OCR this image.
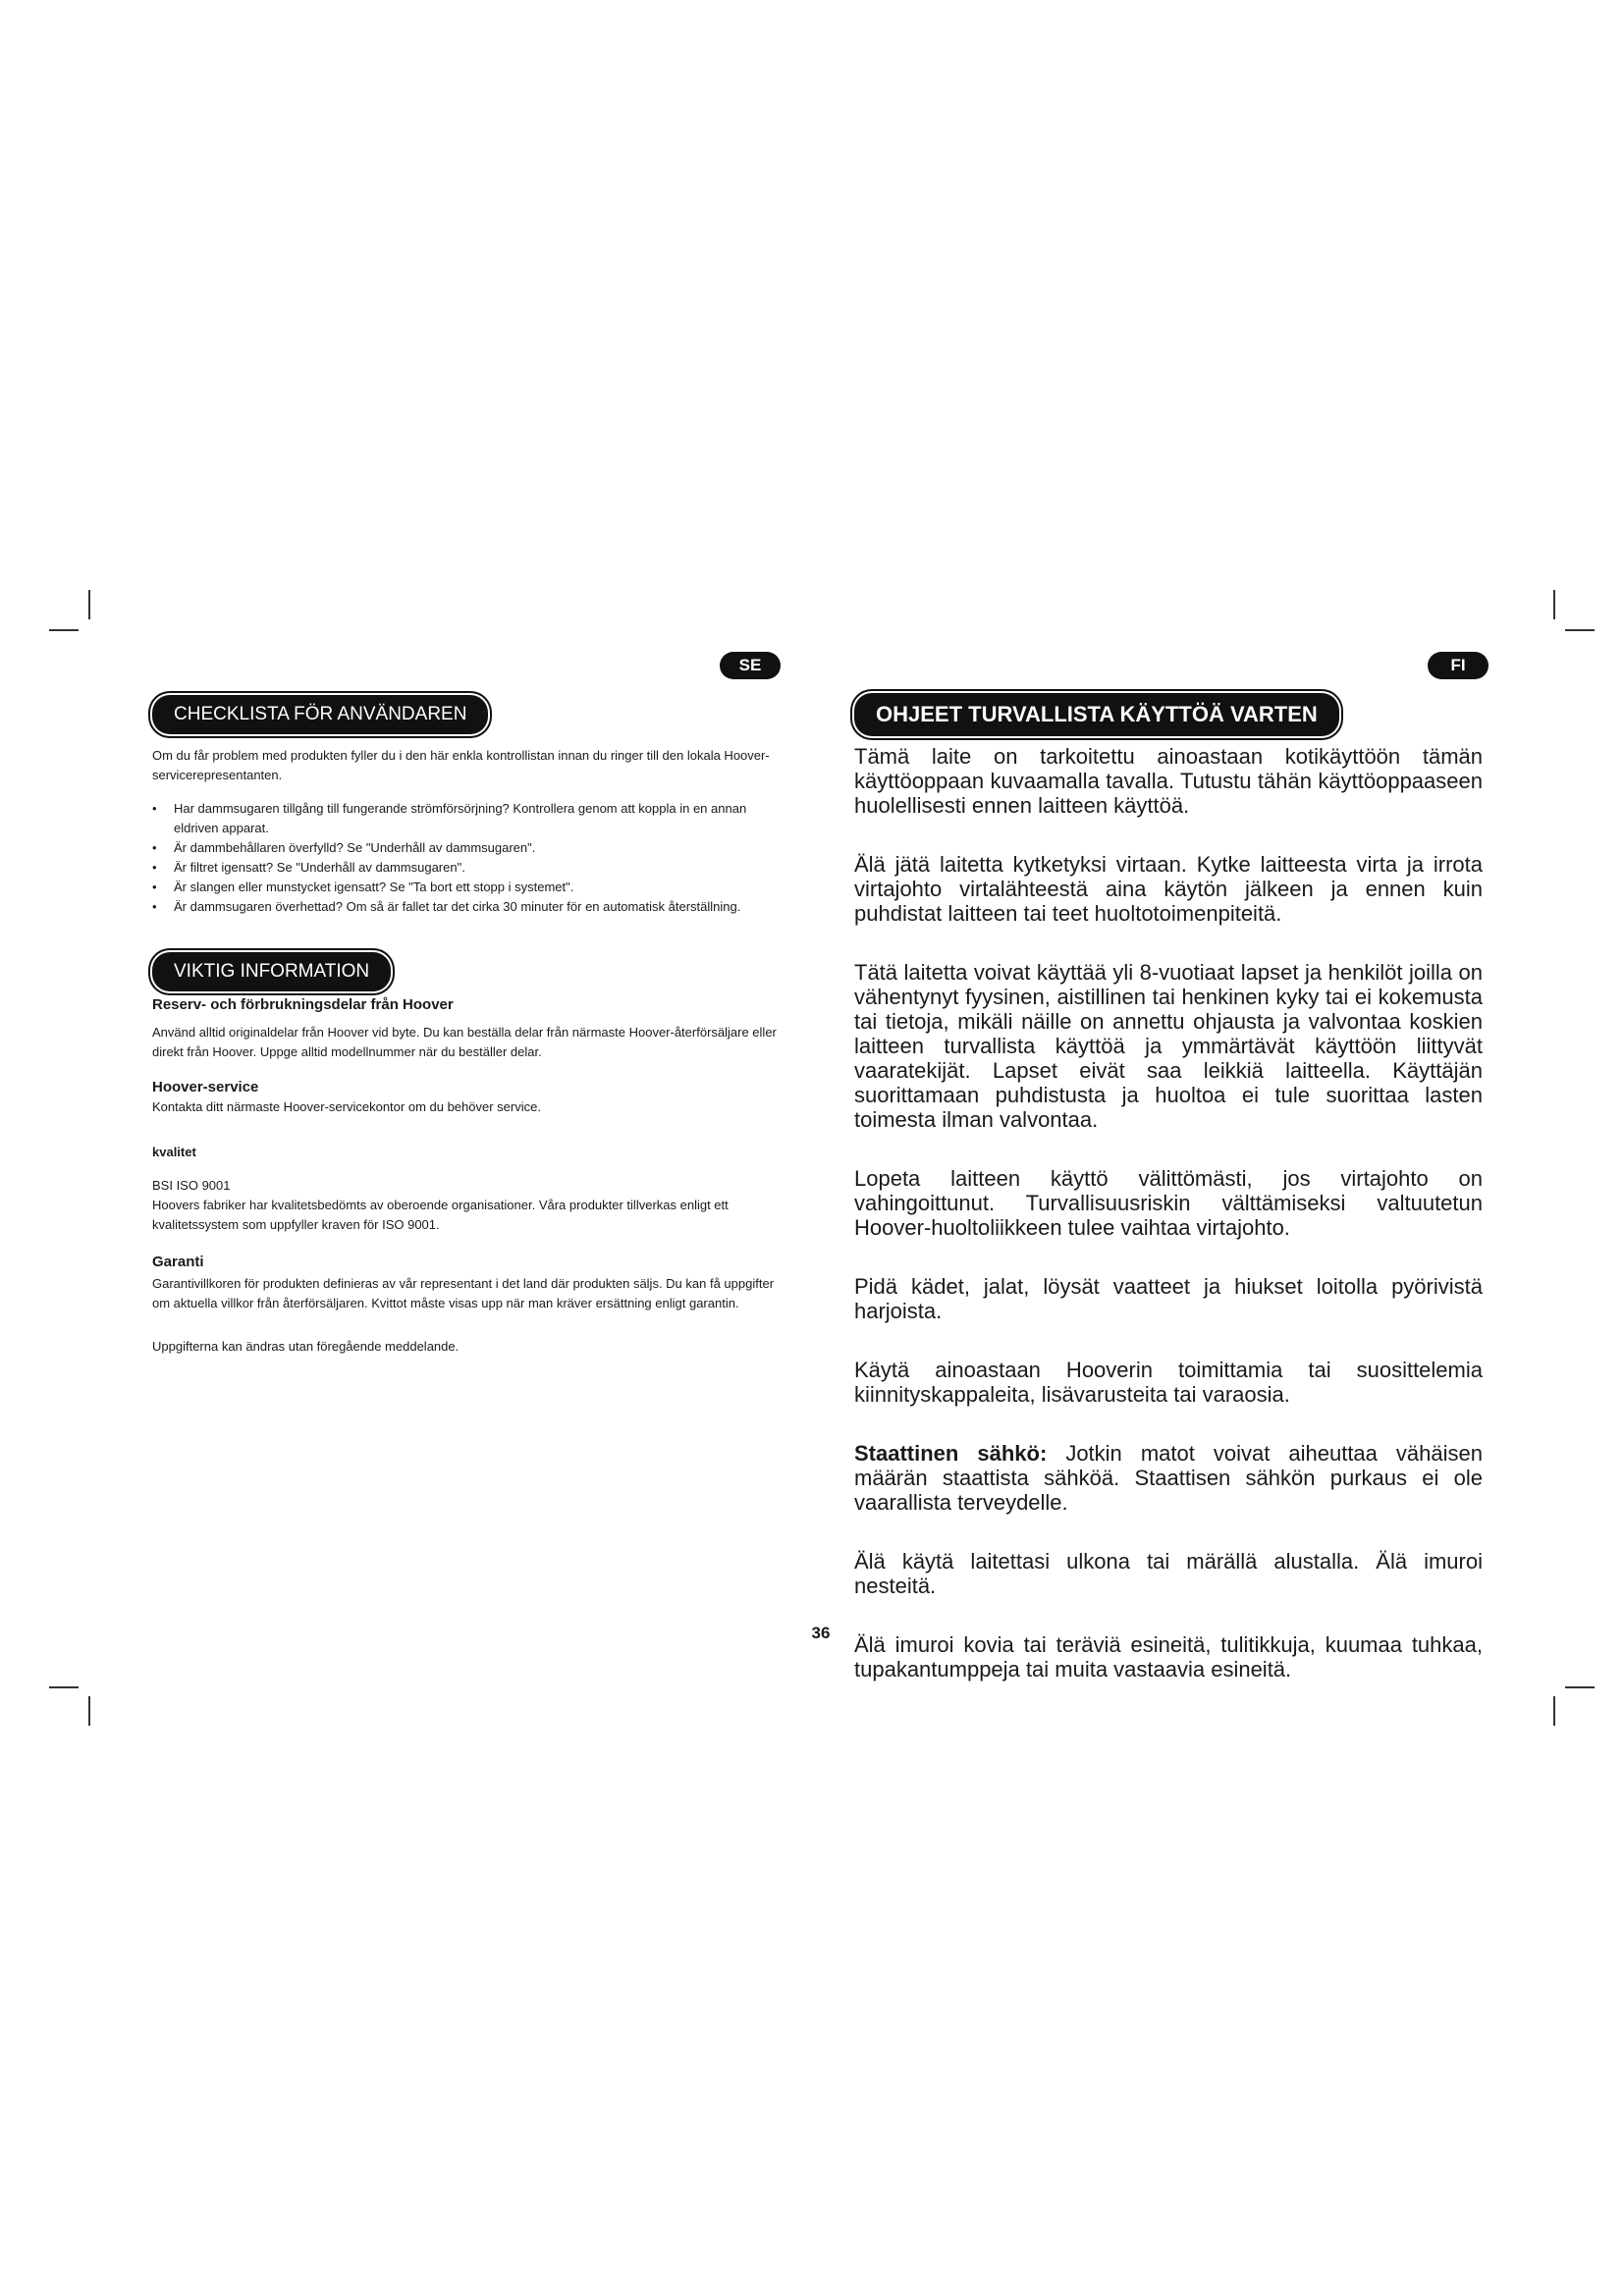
SE
CHECKLISTA FÖR ANVÄNDAREN

Om du får problem med produkten fyller du i den här enkla kontrollistan innan du ringer till den lokala Hoover-servicerepresentanten.

• Har dammsugaren tillgång till fungerande strömförsörjning? Kontrollera genom att koppla in en annan eldriven apparat.
• Är dammbehållaren överfylld? Se "Underhåll av dammsugaren".
• Är filtret igensatt? Se "Underhåll av dammsugaren".
• Är slangen eller munstycket igensatt? Se "Ta bort ett stopp i systemet".
• Är dammsugaren överhettad? Om så är fallet tar det cirka 30 minuter för en automatisk återställning.
VIKTIG INFORMATION

Reserv- och förbrukningsdelar från Hoover

Använd alltid originaldelar från Hoover vid byte. Du kan beställa delar från närmaste Hoover-återförsäljare eller direkt från Hoover. Uppge alltid modellnummer när du beställer delar.

Hoover-service

Kontakta ditt närmaste Hoover-servicekontor om du behöver service.

kvalitet

BSI ISO 9001

Hoovers fabriker har kvalitetsbedömts av oberoende organisationer. Våra produkter tillverkas enligt ett kvalitetssystem som uppfyller kraven för ISO 9001.

Garanti

Garantivillkoren för produkten definieras av vår representant i det land där produkten säljs. Du kan få uppgifter om aktuella villkor från återförsäljaren. Kvittot måste visas upp när man kräver ersättning enligt garantin.

Uppgifterna kan ändras utan föregående meddelande.

FI
OHJEET TURVALLISTA KÄYTTÖÄ VARTEN

Tämä laite on tarkoitettu ainoastaan kotikäyttöön tämän käyttöoppaan kuvaamalla tavalla. Tutustu tähän käyttöoppaaseen huolellisesti ennen laitteen käyttöä.

Älä jätä laitetta kytketyksi virtaan. Kytke laitteesta virta ja irrota virtajohto virtalähteestä aina käytön jälkeen ja ennen kuin puhdistat laitteen tai teet huoltotoimenpiteitä.

Tätä laitetta voivat käyttää yli 8-vuotiaat lapset ja henkilöt joilla on vähentynyt fyysinen, aistillinen tai henkinen kyky tai ei kokemusta tai tietoja, mikäli näille on annettu ohjausta ja valvontaa koskien laitteen turvallista käyttöä ja ymmärtävät käyttöön liittyvät vaaratekijät. Lapset eivät saa leikkiä laitteella. Käyttäjän suorittamaan puhdistusta ja huoltoa ei tule suorittaa lasten toimesta ilman valvontaa.

Lopeta laitteen käyttö välittömästi, jos virtajohto on vahingoittunut. Turvallisuusriskin välttämiseksi valtuutetun Hoover-huoltoliikkeen tulee vaihtaa virtajohto.

Pidä kädet, jalat, löysät vaatteet ja hiukset loitolla pyörivistä harjoista.

Käytä ainoastaan Hooverin toimittamia tai suosittelemia kiinnityskappaleita, lisävarusteita tai varaosia.

Staattinen sähkö: Jotkin matot voivat aiheuttaa vähäisen määrän staattista sähköä. Staattisen sähkön purkaus ei ole vaarallista terveydelle.

Älä käytä laitettasi ulkona tai märällä alustalla. Älä imuroi nesteitä.

Älä imuroi kovia tai teräviä esineitä, tulitikkuja, kuumaa tuhkaa, tupakantumppeja tai muita vastaavia esineitä.

36
